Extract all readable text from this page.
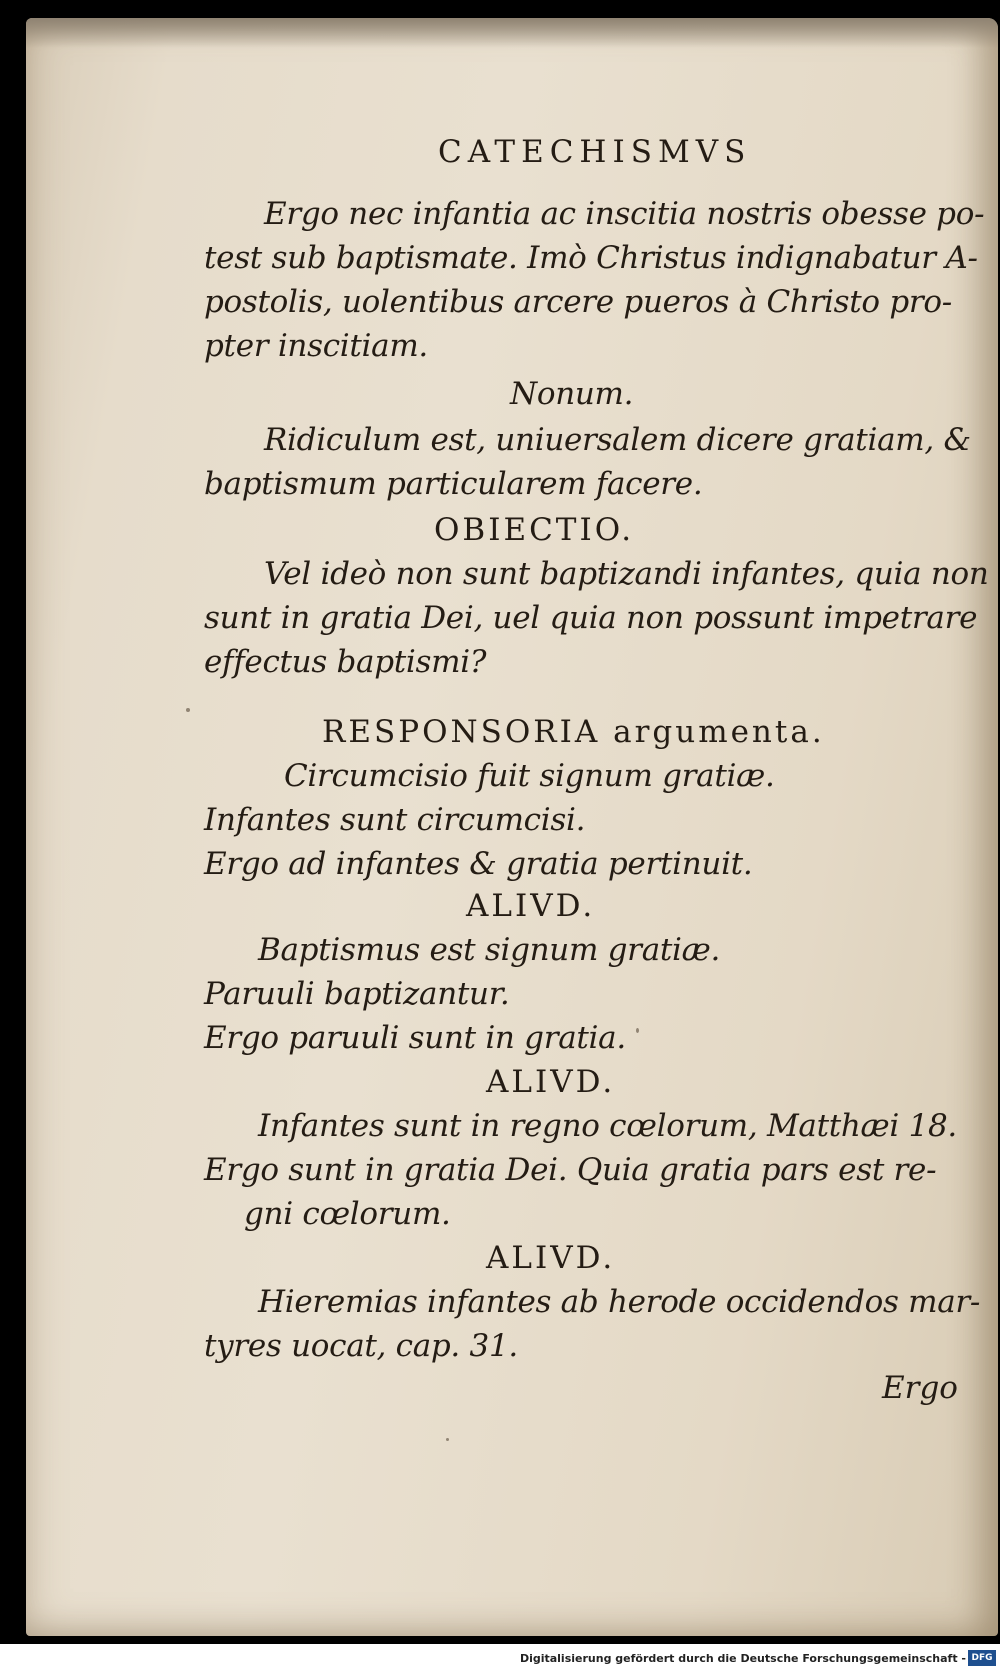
CATECHISMVS
Ergo nec infantia ac inscitia nostris obesse po-
test sub baptismate. Imò Christus indignabatur A-
postolis, uolentibus arcere pueros à Christo pro-
pter inscitiam.
Nonum.
Ridiculum est, uniuersalem dicere gratiam, &
baptismum particularem facere.
OBIECTIO.
Vel ideò non sunt baptizandi infantes, quia non
sunt in gratia Dei, uel quia non possunt impetrare
effectus baptismi?
RESPONSORIA argumenta.
Circumcisio fuit signum gratiæ.
Infantes sunt circumcisi.
Ergo ad infantes & gratia pertinuit.
ALIVD.
Baptismus est signum gratiæ.
Paruuli baptizantur.
Ergo paruuli sunt in gratia.
ALIVD.
Infantes sunt in regno cœlorum, Matthæi 18.
Ergo sunt in gratia Dei. Quia gratia pars est re-
gni cœlorum.
ALIVD.
Hieremias infantes ab herode occidendos mar-
tyres uocat, cap. 31.
Ergo
Digitalisierung gefördert durch die Deutsche Forschungsgemeinschaft - DFG
